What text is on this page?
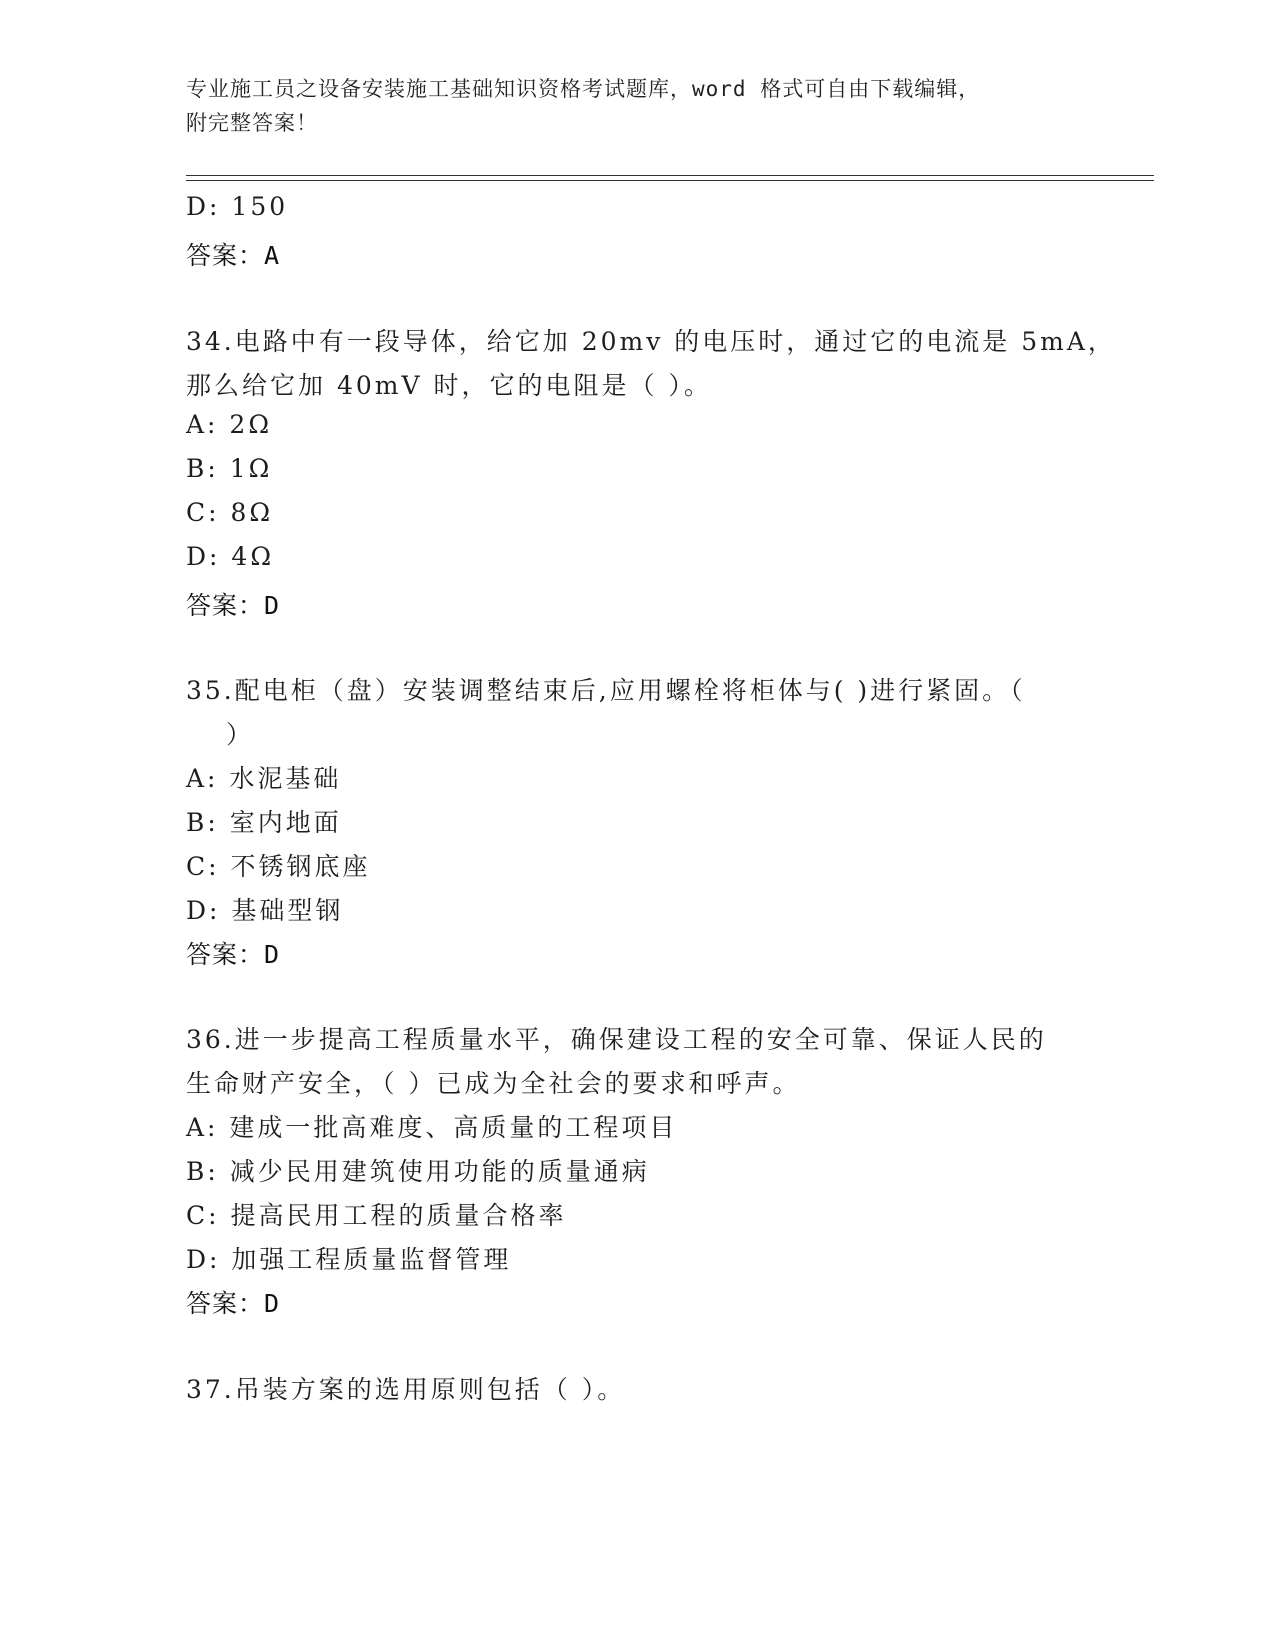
专业施工员之设备安装施工基础知识资格考试题库，word 格式可自由下载编辑，
附完整答案！
D: 150
答案：A
34.电路中有一段导体，给它加 20mv 的电压时，通过它的电流是 5mA，
那么给它加 40mV 时，它的电阻是（ ）。
A: 2Ω
B: 1Ω
C: 8Ω
D: 4Ω
答案：D
35.配电柜（盘）安装调整结束后,应用螺栓将柜体与( )进行紧固。（
）
A: 水泥基础
B: 室内地面
C: 不锈钢底座
D: 基础型钢
答案：D
36.进一步提高工程质量水平，确保建设工程的安全可靠、保证人民的
生命财产安全，（ ）已成为全社会的要求和呼声。
A: 建成一批高难度、高质量的工程项目
B: 减少民用建筑使用功能的质量通病
C: 提高民用工程的质量合格率
D: 加强工程质量监督管理
答案：D
37.吊装方案的选用原则包括（ ）。
